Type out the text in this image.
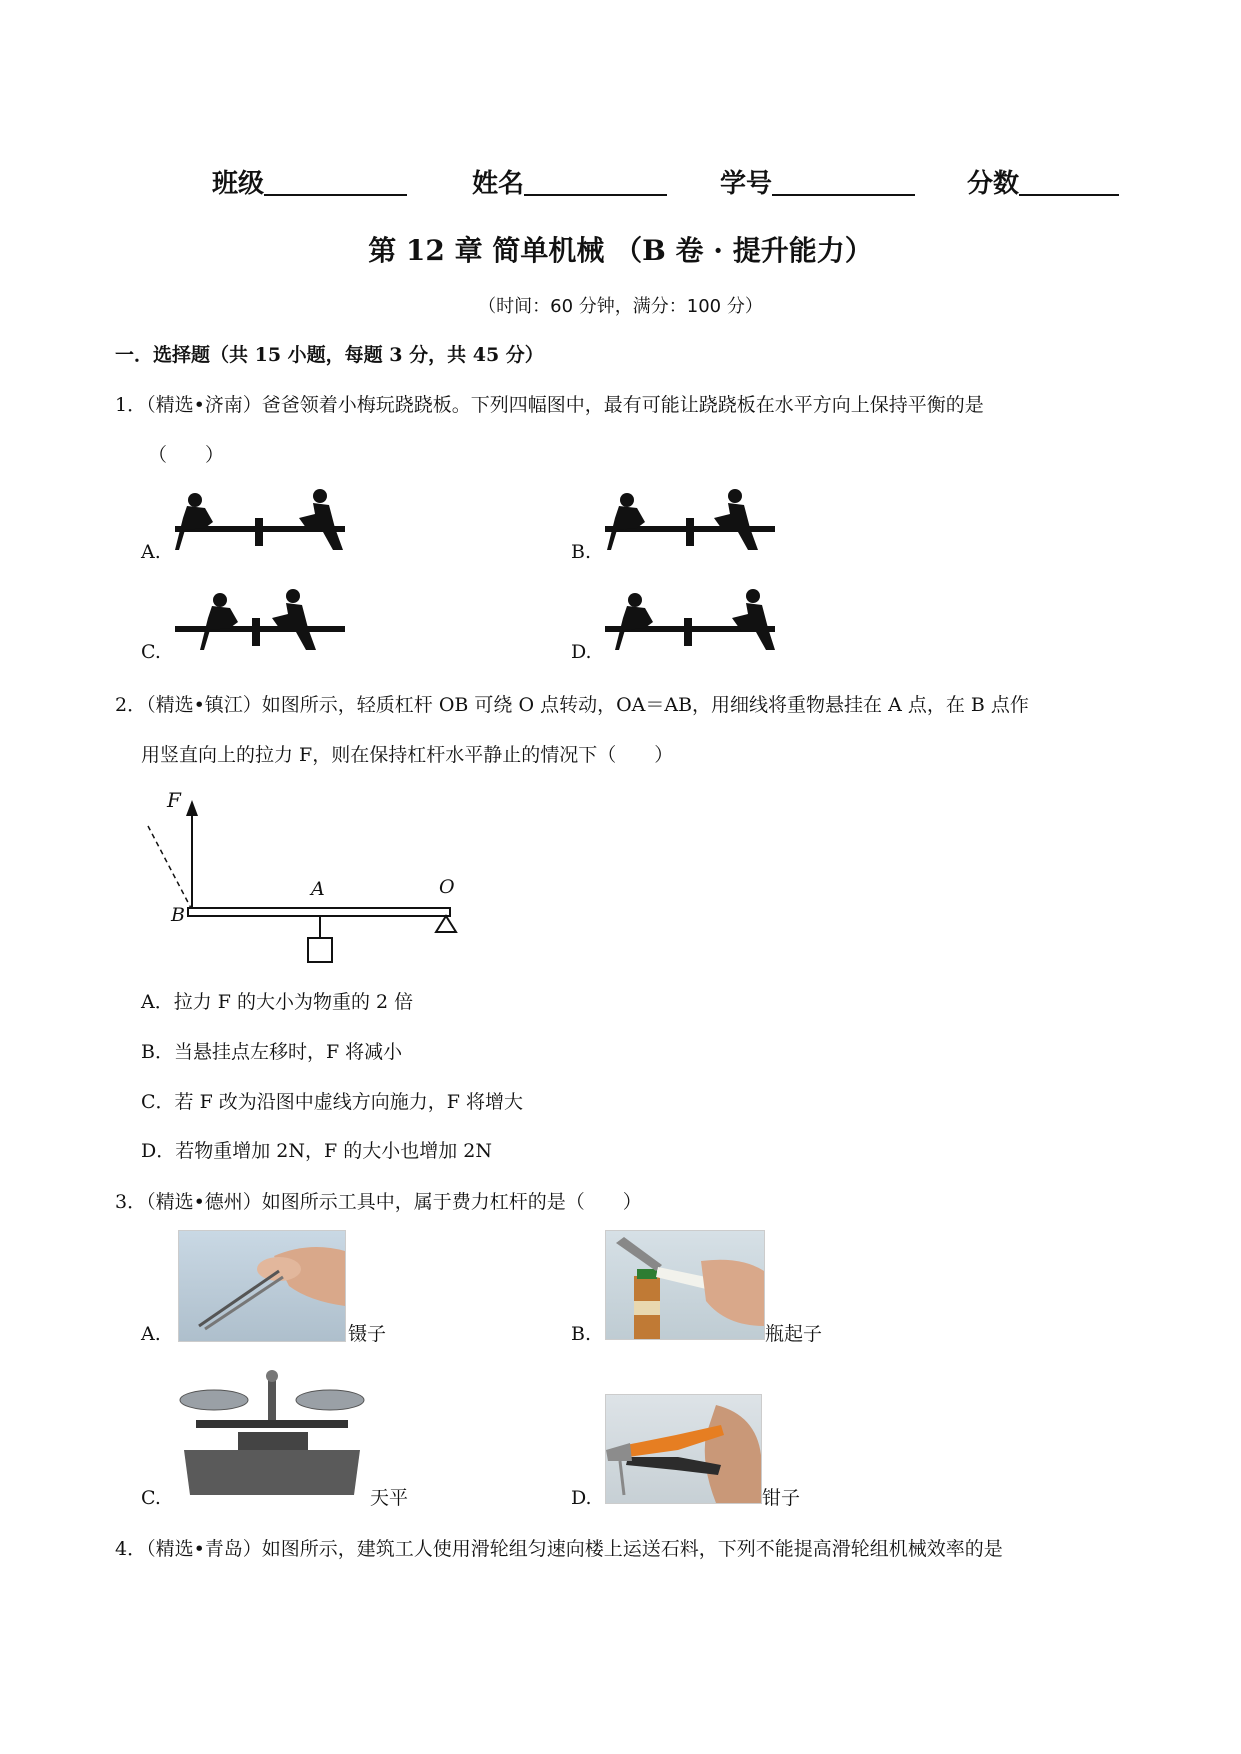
班级	姓名	学号	分数
第 12 章 简单机械 （B 卷 · 提升能力）
（时间：60 分钟，满分：100 分）
一．选择题（共 15 小题，每题 3 分，共 45 分）
1．（精选•济南）爸爸领着小梅玩跷跷板。下列四幅图中，最有可能让跷跷板在水平方向上保持平衡的是
（　　）
A.	B.
C.	D.
2．（精选•镇江）如图所示，轻质杠杆 OB 可绕 O 点转动，OA＝AB，用细线将重物悬挂在 A 点，在 B 点作
用竖直向上的拉力 F，则在保持杠杆水平静止的情况下（　　）
F
A	O
B
A．拉力 F 的大小为物重的 2 倍
B．当悬挂点左移时，F 将减小
C．若 F 改为沿图中虚线方向施力，F 将增大
D．若物重增加 2N，F 的大小也增加 2N
3．（精选•德州）如图所示工具中，属于费力杠杆的是（　　）
A.	镊子	B.	瓶起子
C.	天平	D.	钳子
4．（精选•青岛）如图所示，建筑工人使用滑轮组匀速向楼上运送石料，下列不能提高滑轮组机械效率的是
